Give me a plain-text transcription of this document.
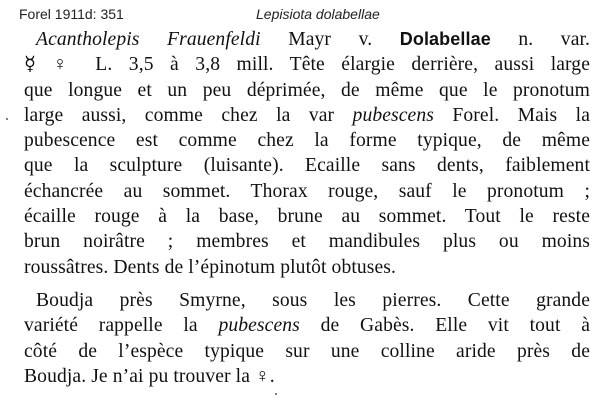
Forel 1911d: 351	Lepisiota dolabellae
Acantholepis Frauenfeldi Mayr v. Dolabellae n. var.
☿ ♀ L. 3,5 à 3,8 mill. Tête élargie derrière, aussi large
que longue et un peu déprimée, de même que le pronotum
large aussi, comme chez la var pubescens Forel. Mais la
pubescence est comme chez la forme typique, de même
que la sculpture (luisante). Ecaille sans dents, faiblement
échancrée au sommet. Thorax rouge, sauf le pronotum ;
écaille rouge à la base, brune au sommet. Tout le reste
brun noirâtre ; membres et mandibules plus ou moins
roussâtres. Dents de l’épinotum plutôt obtuses.
Boudja près Smyrne, sous les pierres. Cette grande
variété rappelle la pubescens de Gabès. Elle vit tout à
côté de l’espèce typique sur une colline aride près de
Boudja. Je n’ai pu trouver la ♀.
